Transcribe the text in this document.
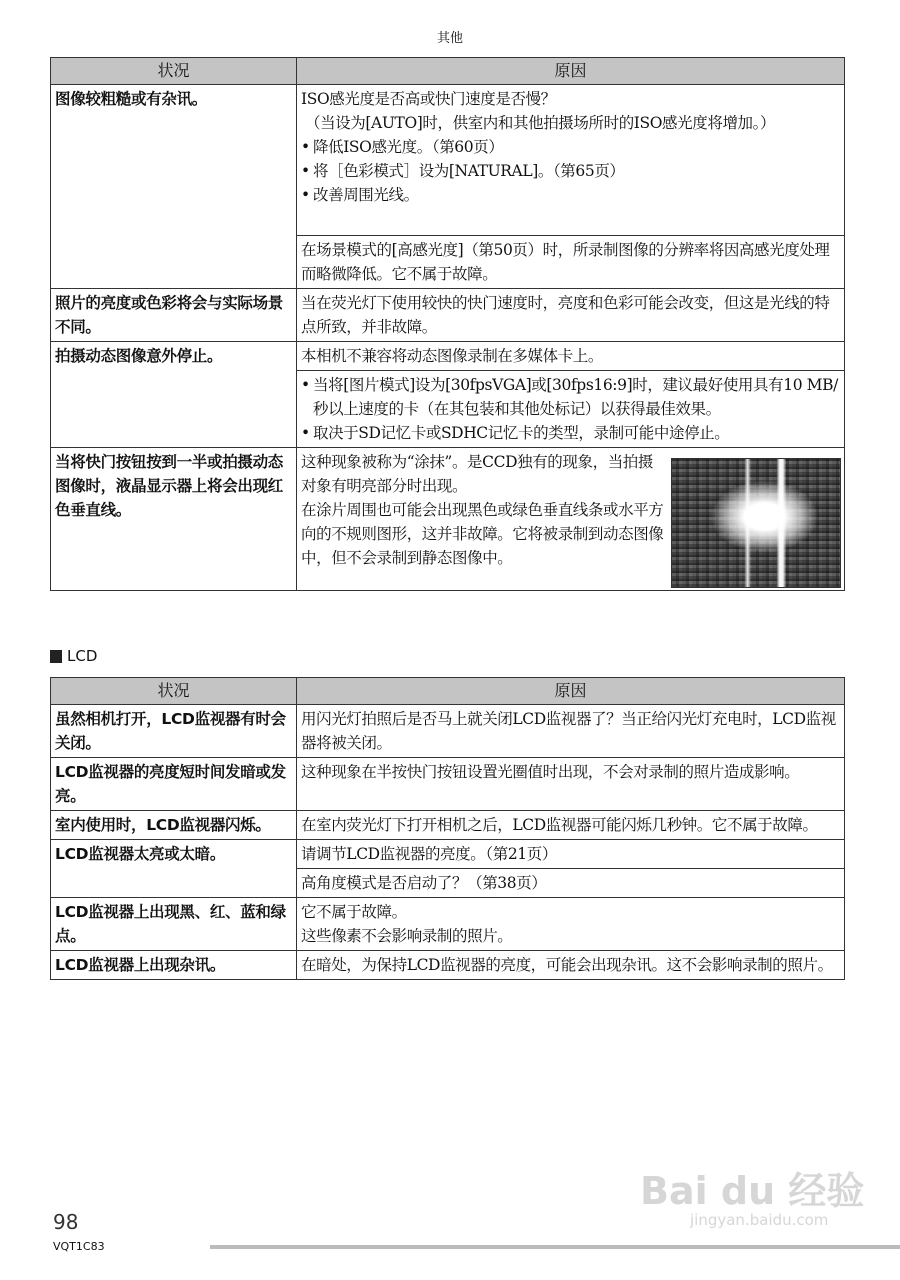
其他
状况	原因
图像较粗糙或有杂讯。	ISO感光度是否高或快门速度是否慢？
（当设为[AUTO]时，供室内和其他拍摄场所时的ISO感光度将增加。）
• 降低ISO感光度。（第60页）
• 将［色彩模式］设为[NATURAL]。（第65页）
• 改善周围光线。

	在场景模式的[高感光度]（第50页）时，所录制图像的分辨率将因高感光度处理而略微降低。它不属于故障。
照片的亮度或色彩将会与实际场景不同。	当在荧光灯下使用较快的快门速度时，亮度和色彩可能会改变，但这是光线的特点所致，并非故障。
拍摄动态图像意外停止。	本相机不兼容将动态图像录制在多媒体卡上。

	• 当将[图片模式]设为[30fpsVGA]或[30fps16:9]时，建议最好使用具有10 MB/秒以上速度的卡（在其包装和其他处标记）以获得最佳效果。
• 取决于SD记忆卡或SDHC记忆卡的类型，录制可能中途停止。

当将快门按钮按到一半或拍摄动态图像时，液晶显示器上将会出现红色垂直线。	这种现象被称为“涂抹”。是CCD独有的现象，当拍摄对象有明亮部分时出现。
在涂片周围也可能会出现黑色或绿色垂直线条或水平方向的不规则图形，这并非故障。它将被录制到动态图像中，但不会录制到静态图像中。
LCD
状况	原因
虽然相机打开，LCD监视器有时会关闭。	用闪光灯拍照后是否马上就关闭LCD监视器了？当正给闪光灯充电时，LCD监视器将被关闭。
LCD监视器的亮度短时间发暗或发亮。	这种现象在半按快门按钮设置光圈值时出现，不会对录制的照片造成影响。
室内使用时，LCD监视器闪烁。	在室内荧光灯下打开相机之后，LCD监视器可能闪烁几秒钟。它不属于故障。
LCD监视器太亮或太暗。	请调节LCD监视器的亮度。（第21页）
	高角度模式是否启动了？（第38页）
LCD监视器上出现黑、红、蓝和绿点。	它不属于故障。
这些像素不会影响录制的照片。

LCD监视器上出现杂讯。	在暗处，为保持LCD监视器的亮度，可能会出现杂讯。这不会影响录制的照片。
Bai du 经验
jingyan.baidu.com
98
VQT1C83
